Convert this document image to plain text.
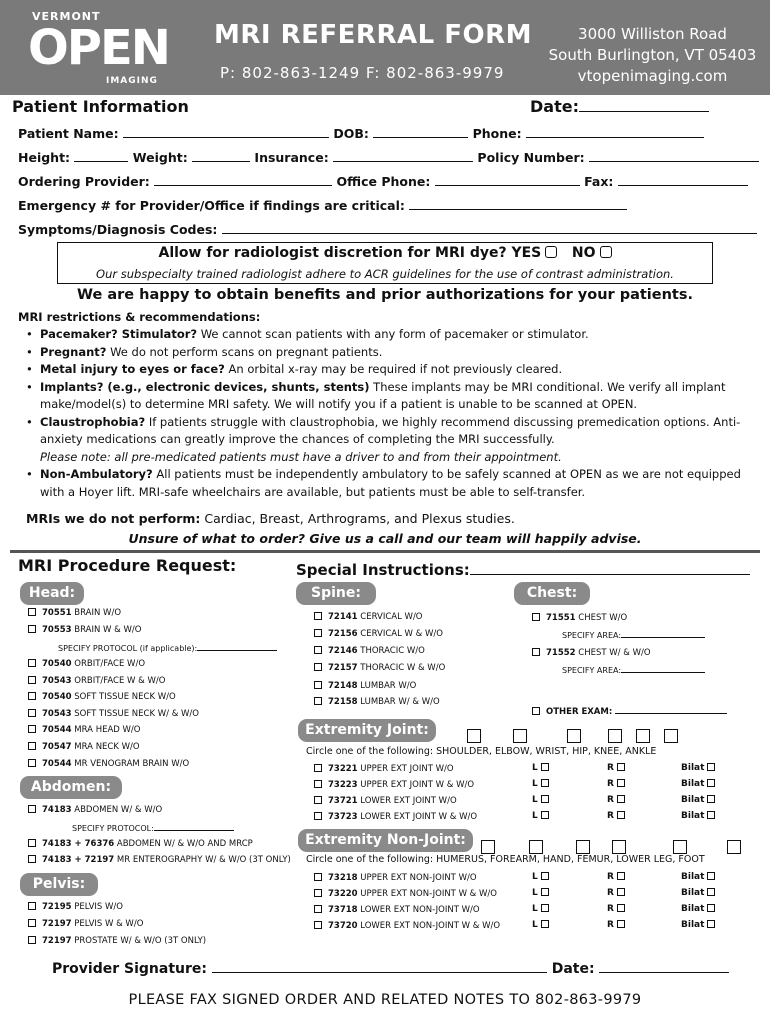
VERMONT
OPEN
IMAGING
MRI REFERRAL FORM
P: 802-863-1249 F: 802-863-9979
3000 Williston Road
South Burlington, VT 05403
vtopenimaging.com
Patient Information	Date:
Patient Name:	DOB:	Phone:
Height:	Weight:	Insurance:	Policy Number:
Ordering Provider:	Office Phone:	Fax:
Emergency # for Provider/Office if findings are critical:
Symptoms/Diagnosis Codes:
Allow for radiologist discretion for MRI dye? YES NO
Our subspecialty trained radiologist adhere to ACR guidelines for the use of contrast administration.
We are happy to obtain benefits and prior authorizations for your patients.
MRI restrictions & recommendations:
• Pacemaker? Stimulator? We cannot scan patients with any form of pacemaker or stimulator.
• Pregnant? We do not perform scans on pregnant patients.
• Metal injury to eyes or face? An orbital x-ray may be required if not previously cleared.
• Implants? (e.g., electronic devices, shunts, stents) These implants may be MRI conditional. We verify all implant make/model(s) to determine MRI safety. We will notify you if a patient is unable to be scanned at OPEN.
• Claustrophobia? If patients struggle with claustrophobia, we highly recommend discussing premedication options. Anti-anxiety medications can greatly improve the chances of completing the MRI successfully.
Please note: all pre-medicated patients must have a driver to and from their appointment.
• Non-Ambulatory? All patients must be independently ambulatory to be safely scanned at OPEN as we are not equipped with a Hoyer lift. MRI-safe wheelchairs are available, but patients must be able to self-transfer.
MRIs we do not perform: Cardiac, Breast, Arthrograms, and Plexus studies.
Unsure of what to order? Give us a call and our team will happily advise.
MRI Procedure Request:	Special Instructions:
Head:
70551 BRAIN W/O
70553 BRAIN W & W/O
70540 ORBIT/FACE W/O
70543 ORBIT/FACE W & W/O
70540 SOFT TISSUE NECK W/O
70543 SOFT TISSUE NECK W/ & W/O
70544 MRA HEAD W/O
70547 MRA NECK W/O
70544 MR VENOGRAM BRAIN W/O
SPECIFY PROTOCOL (if applicable):
Abdomen:
74183 ABDOMEN W/ & W/O
74183 + 76376 ABDOMEN W/ & W/O AND MRCP
74183 + 72197 MR ENTEROGRAPHY W/ & W/O (3T ONLY)
SPECIFY PROTOCOL:
Pelvis:
72195 PELVIS W/O
72197 PELVIS W & W/O
72197 PROSTATE W/ & W/O (3T ONLY)
Spine:
72141 CERVICAL W/O
72156 CERVICAL W & W/O
72146 THORACIC W/O
72157 THORACIC W & W/O
72148 LUMBAR W/O
72158 LUMBAR W/ & W/O
Chest:
71551 CHEST W/O
71552 CHEST W/ & W/O
SPECIFY AREA:
SPECIFY AREA:
OTHER EXAM:
Extremity Joint:
Circle one of the following: SHOULDER, ELBOW, WRIST, HIP, KNEE, ANKLE
73221 UPPER EXT JOINT W/O	L	R	Bilat
73223 UPPER EXT JOINT W & W/O	L	R	Bilat
73721 LOWER EXT JOINT W/O	L	R	Bilat
73723 LOWER EXT JOINT W & W/O	L	R	Bilat
Extremity Non-Joint:
Circle one of the following: HUMERUS, FOREARM, HAND, FEMUR, LOWER LEG, FOOT
73218 UPPER EXT NON-JOINT W/O	L	R	Bilat
73220 UPPER EXT NON-JOINT W & W/O	L	R	Bilat
73718 LOWER EXT NON-JOINT W/O	L	R	Bilat
73720 LOWER EXT NON-JOINT W & W/O	L	R	Bilat
Provider Signature:	Date:
PLEASE FAX SIGNED ORDER AND RELATED NOTES TO 802-863-9979
